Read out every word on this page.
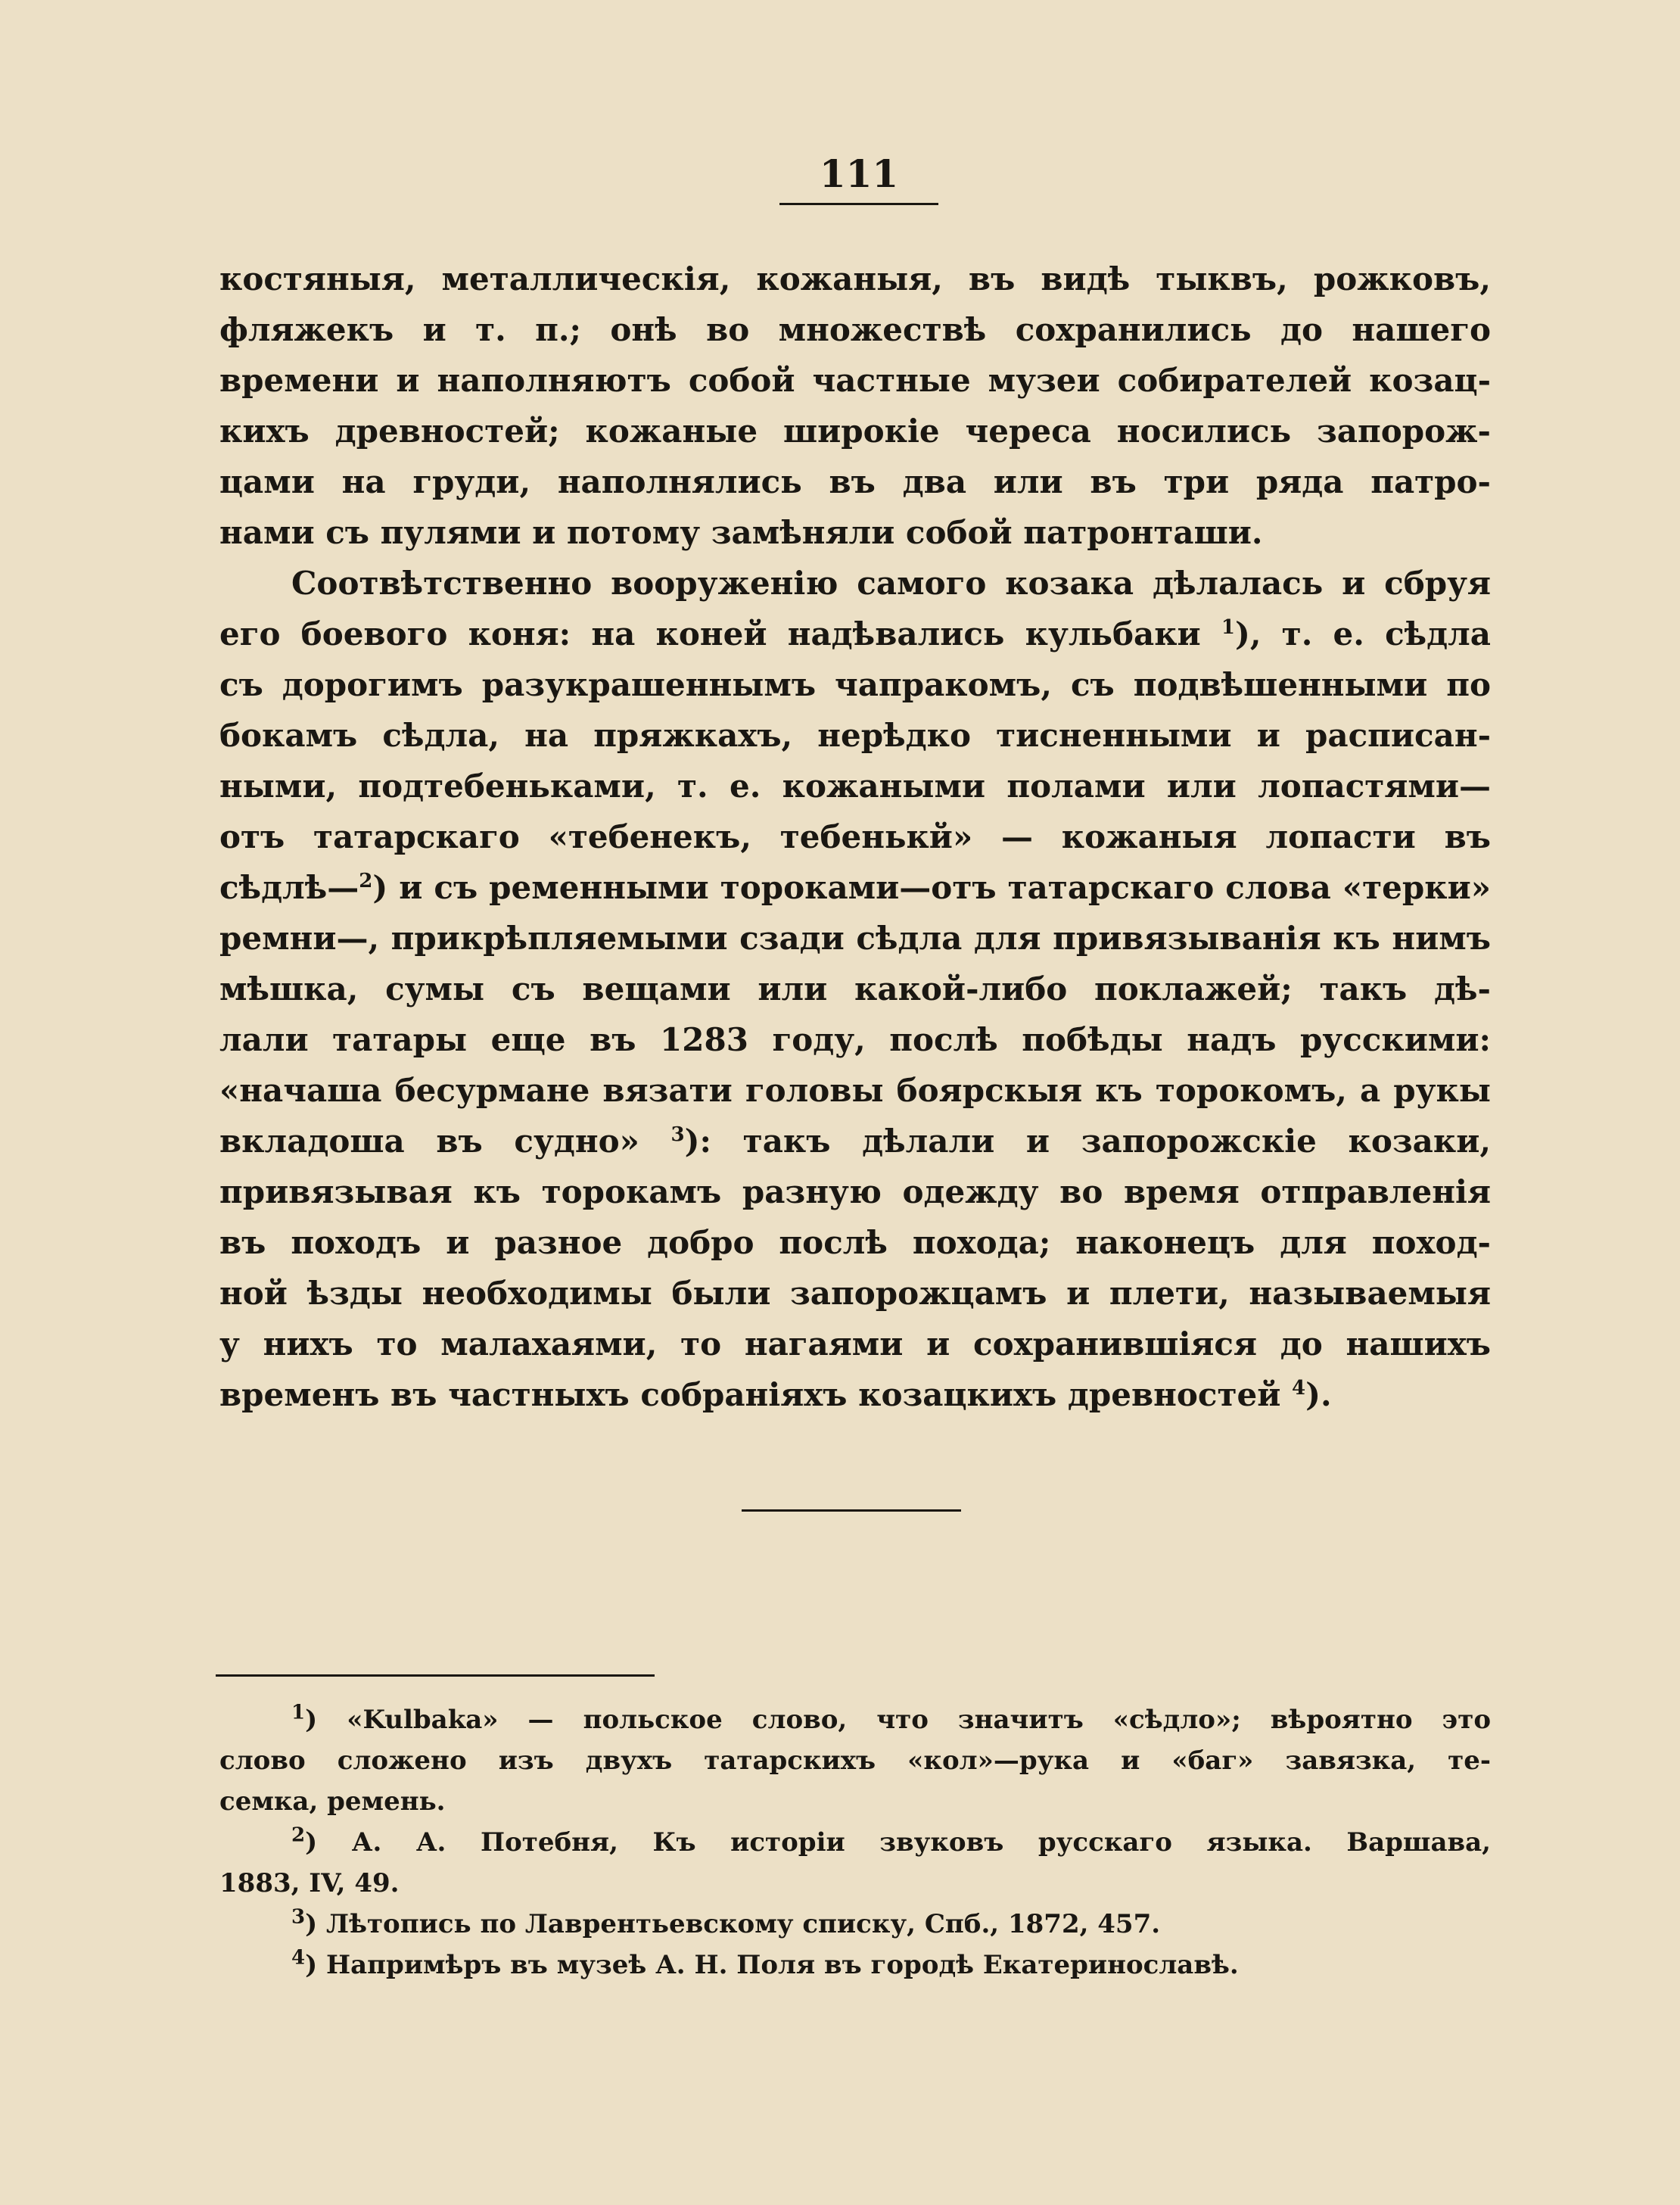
111
костяныя, металлическія, кожаныя, въ видѣ тыквъ, рожковъ,
фляжекъ и т. п.; онѣ во множествѣ сохранились до нашего
времени и наполняютъ собой частные музеи собирателей козац-
кихъ древностей; кожаные широкіе череса носились запорож-
цами на груди, наполнялись въ два или въ три ряда патро-
нами съ пулями и потому замѣняли собой патронташи.
Соотвѣтственно вооруженію самого козака дѣлалась и сбруя
его боевого коня: на коней надѣвались кульбаки $^1$), т. е. сѣдла
съ дорогимъ разукрашеннымъ чапракомъ, съ подвѣшенными по
бокамъ сѣдла, на пряжкахъ, нерѣдко тисненными и расписан-
ными, подтебеньками, т. е. кожаными полами или лопастями—
отъ татарскаго «тебенекъ, тебенькй» — кожаныя лопасти въ
сѣдлѣ—$^2$) и съ ременными тороками—отъ татарскаго слова «терки»
ремни—, прикрѣпляемыми сзади сѣдла для привязыванія къ нимъ
мѣшка, сумы съ вещами или какой-либо поклажей; такъ дѣ-
лали татары еще въ 1283 году, послѣ побѣды надъ русскими:
«начаша бесурмане вязати головы боярскыя къ торокомъ, а рукы
вкладоша въ судно» $^3$): такъ дѣлали и запорожскіе козаки,
привязывая къ торокамъ разную одежду во время отправленія
въ походъ и разное добро послѣ похода; наконецъ для поход-
ной ѣзды необходимы были запорожцамъ и плети, называемыя
у нихъ то малахаями, то нагаями и сохранившіяся до нашихъ
временъ въ частныхъ собраніяхъ козацкихъ древностей $^4$).
$^1$) «Kulbaka» — польское слово, что значитъ «сѣдло»; вѣроятно это
слово сложено изъ двухъ татарскихъ «кол»—рука и «баг» завязка, те-
семка, ремень.
$^2$) А. А. Потебня, Къ исторіи звуковъ русскаго языка. Варшава,
1883, IV, 49.
$^3$) Лѣтопись по Лаврентьевскому списку, Спб., 1872, 457.
$^4$) Напримѣръ въ музеѣ А. Н. Поля въ городѣ Екатеринославѣ.
